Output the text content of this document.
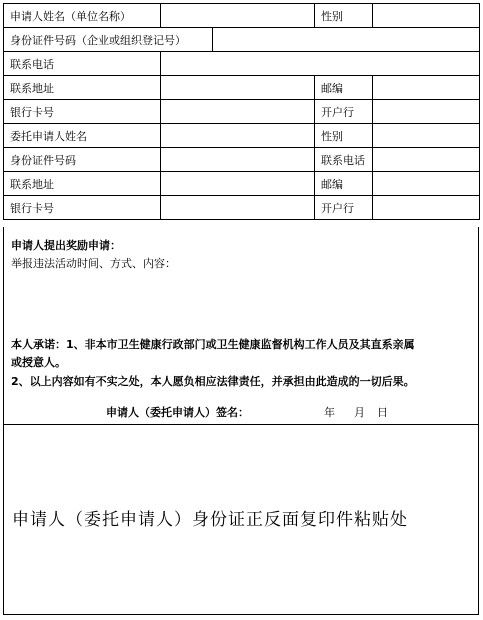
申请人姓名（单位名称）			性别	
身份证件号码（企业或组织登记号）				
联系电话				
联系地址			邮编	
银行卡号			开户行	
委托申请人姓名			性别	
身份证件号码			联系电话	
联系地址			邮编	
银行卡号			开户行	
申请人提出奖励申请：
举报违法活动时间、方式、内容：
本人承诺：1、非本市卫生健康行政部门或卫生健康监督机构工作人员及其直系亲属
或授意人。
2、以上内容如有不实之处，本人愿负相应法律责任，并承担由此造成的一切后果。
申请人（委托申请人）签名：	年 月 日
申请人（委托申请人）身份证正反面复印件粘贴处
